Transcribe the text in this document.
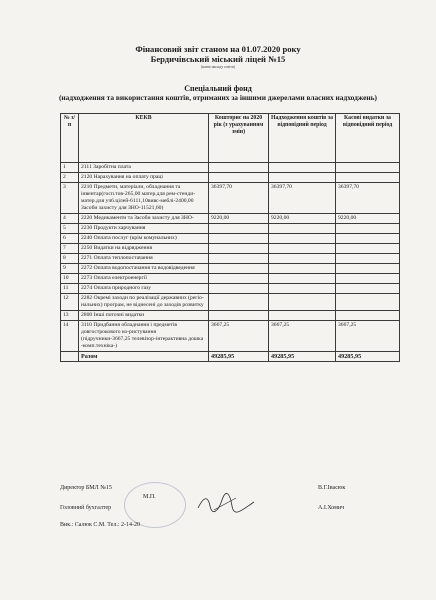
Фінансовий звіт станом на 01.07.2020 року
Бердичівський міський ліцей №15
(назва закладу освіти)
Спеціальний фонд
(надходження та використання коштів, отриманих за іншими джерелами власних надходжень)
№ з/п	КЕКВ	Кошторис на 2020 рік (з урахуванням змін)	Надходження коштів за відповідний період	Касові видатки за відповідний період
1	2111 Заробітна плата			
2	2120 Нарахування на оплату праці			
3	2210 Предмети, матеріали, обладнання та інвентар(госп.тов-265,00 матер.для рем-стенди-матер.для уч6.цілей-6111,10вивс-меблі-2400,00 Засоби захисту для ЗНО-11521,60)	36397,70	36397,70	36397,70
4	2220 Медикаменти та Засоби захисту для ЗНО-	9220,00	9220,00	9220,00
5	2230 Продукти харчування			
6	2240 Оплата послуг (крім комунальних)			
7	2250 Видатки на відрядження			
8	2271 Оплата теплопостачання			
9	2272 Оплата водопостачання та водовідведення			
10	2273 Оплата електроенергії			
11	2274 Оплата природного газу			
12	2282 Окремі заходи по реалізації державних (регіо-нальних) програм, не віднесені до заходів розвитку			
13	2800 Інші поточні видатки			
14	3110 Придбання обладнання і предметів довгострокового ко-ристування (підручники-3667,25 телевізор-інтерактивна дошка -комп.техніка-)	3667,25	3667,25	3667,25
	Разом	49285,95	49285,95	49285,95
Директор БМЛ №15	В.Г.Івасюк
М.П.
Головний бухгалтер	А.І.Хомич
Вик.: Салюк С.М. Тел.: 2-14-20
